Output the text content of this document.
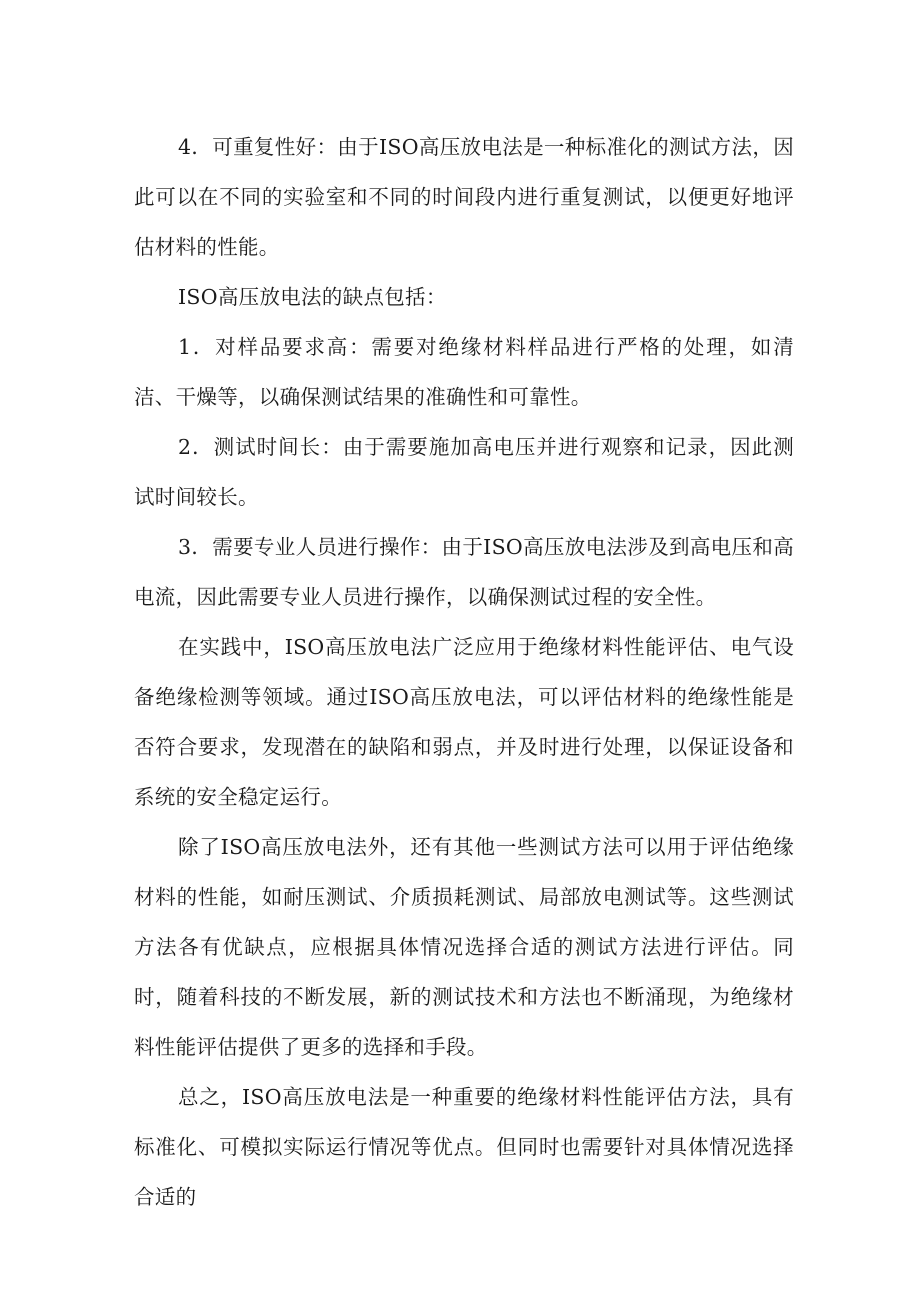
4．可重复性好：由于ISO高压放电法是一种标准化的测试方法，因此可以在不同的实验室和不同的时间段内进行重复测试，以便更好地评估材料的性能。

ISO高压放电法的缺点包括：

1．对样品要求高：需要对绝缘材料样品进行严格的处理，如清洁、干燥等，以确保测试结果的准确性和可靠性。

2．测试时间长：由于需要施加高电压并进行观察和记录，因此测试时间较长。

3．需要专业人员进行操作：由于ISO高压放电法涉及到高电压和高电流，因此需要专业人员进行操作，以确保测试过程的安全性。

在实践中，ISO高压放电法广泛应用于绝缘材料性能评估、电气设备绝缘检测等领域。通过ISO高压放电法，可以评估材料的绝缘性能是否符合要求，发现潜在的缺陷和弱点，并及时进行处理，以保证设备和系统的安全稳定运行。

除了ISO高压放电法外，还有其他一些测试方法可以用于评估绝缘材料的性能，如耐压测试、介质损耗测试、局部放电测试等。这些测试方法各有优缺点，应根据具体情况选择合适的测试方法进行评估。同时，随着科技的不断发展，新的测试技术和方法也不断涌现，为绝缘材料性能评估提供了更多的选择和手段。

总之，ISO高压放电法是一种重要的绝缘材料性能评估方法，具有标准化、可模拟实际运行情况等优点。但同时也需要针对具体情况选择合适的
